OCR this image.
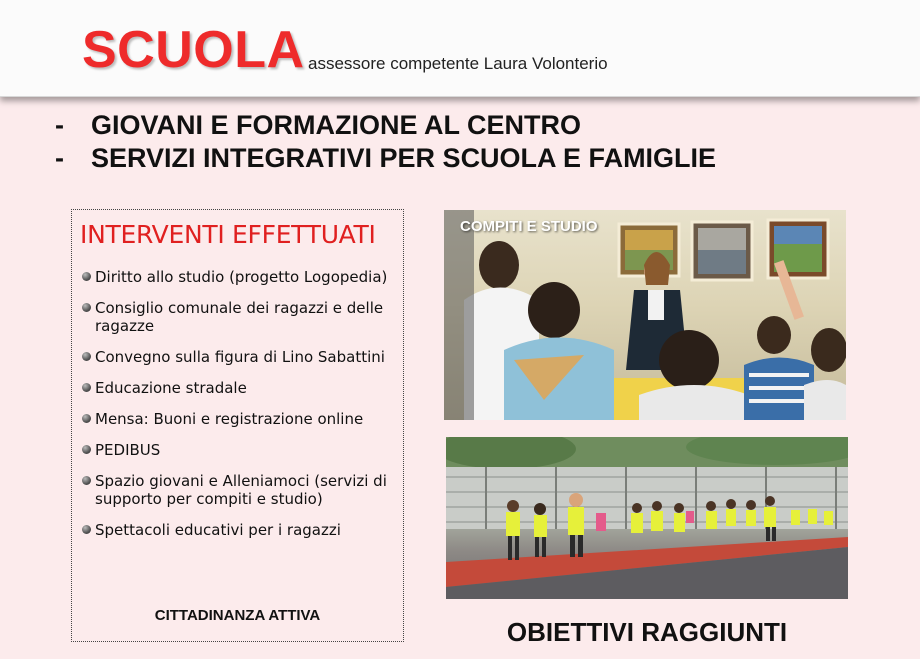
SCUOLA assessore competente Laura Volonterio
- GIOVANI E FORMAZIONE AL CENTRO
- SERVIZI INTEGRATIVI PER SCUOLA E FAMIGLIE
INTERVENTI EFFETTUATI
Diritto allo studio (progetto Logopedia)
Consiglio comunale dei ragazzi e delle ragazze
Convegno sulla figura di Lino Sabattini
Educazione stradale
Mensa: Buoni e registrazione online
PEDIBUS
Spazio giovani e Alleniamoci (servizi di supporto per compiti e studio)
Spettacoli educativi per i ragazzi
CITTADINANZA ATTIVA
COMPITI E STUDIO
OBIETTIVI RAGGIUNTI
